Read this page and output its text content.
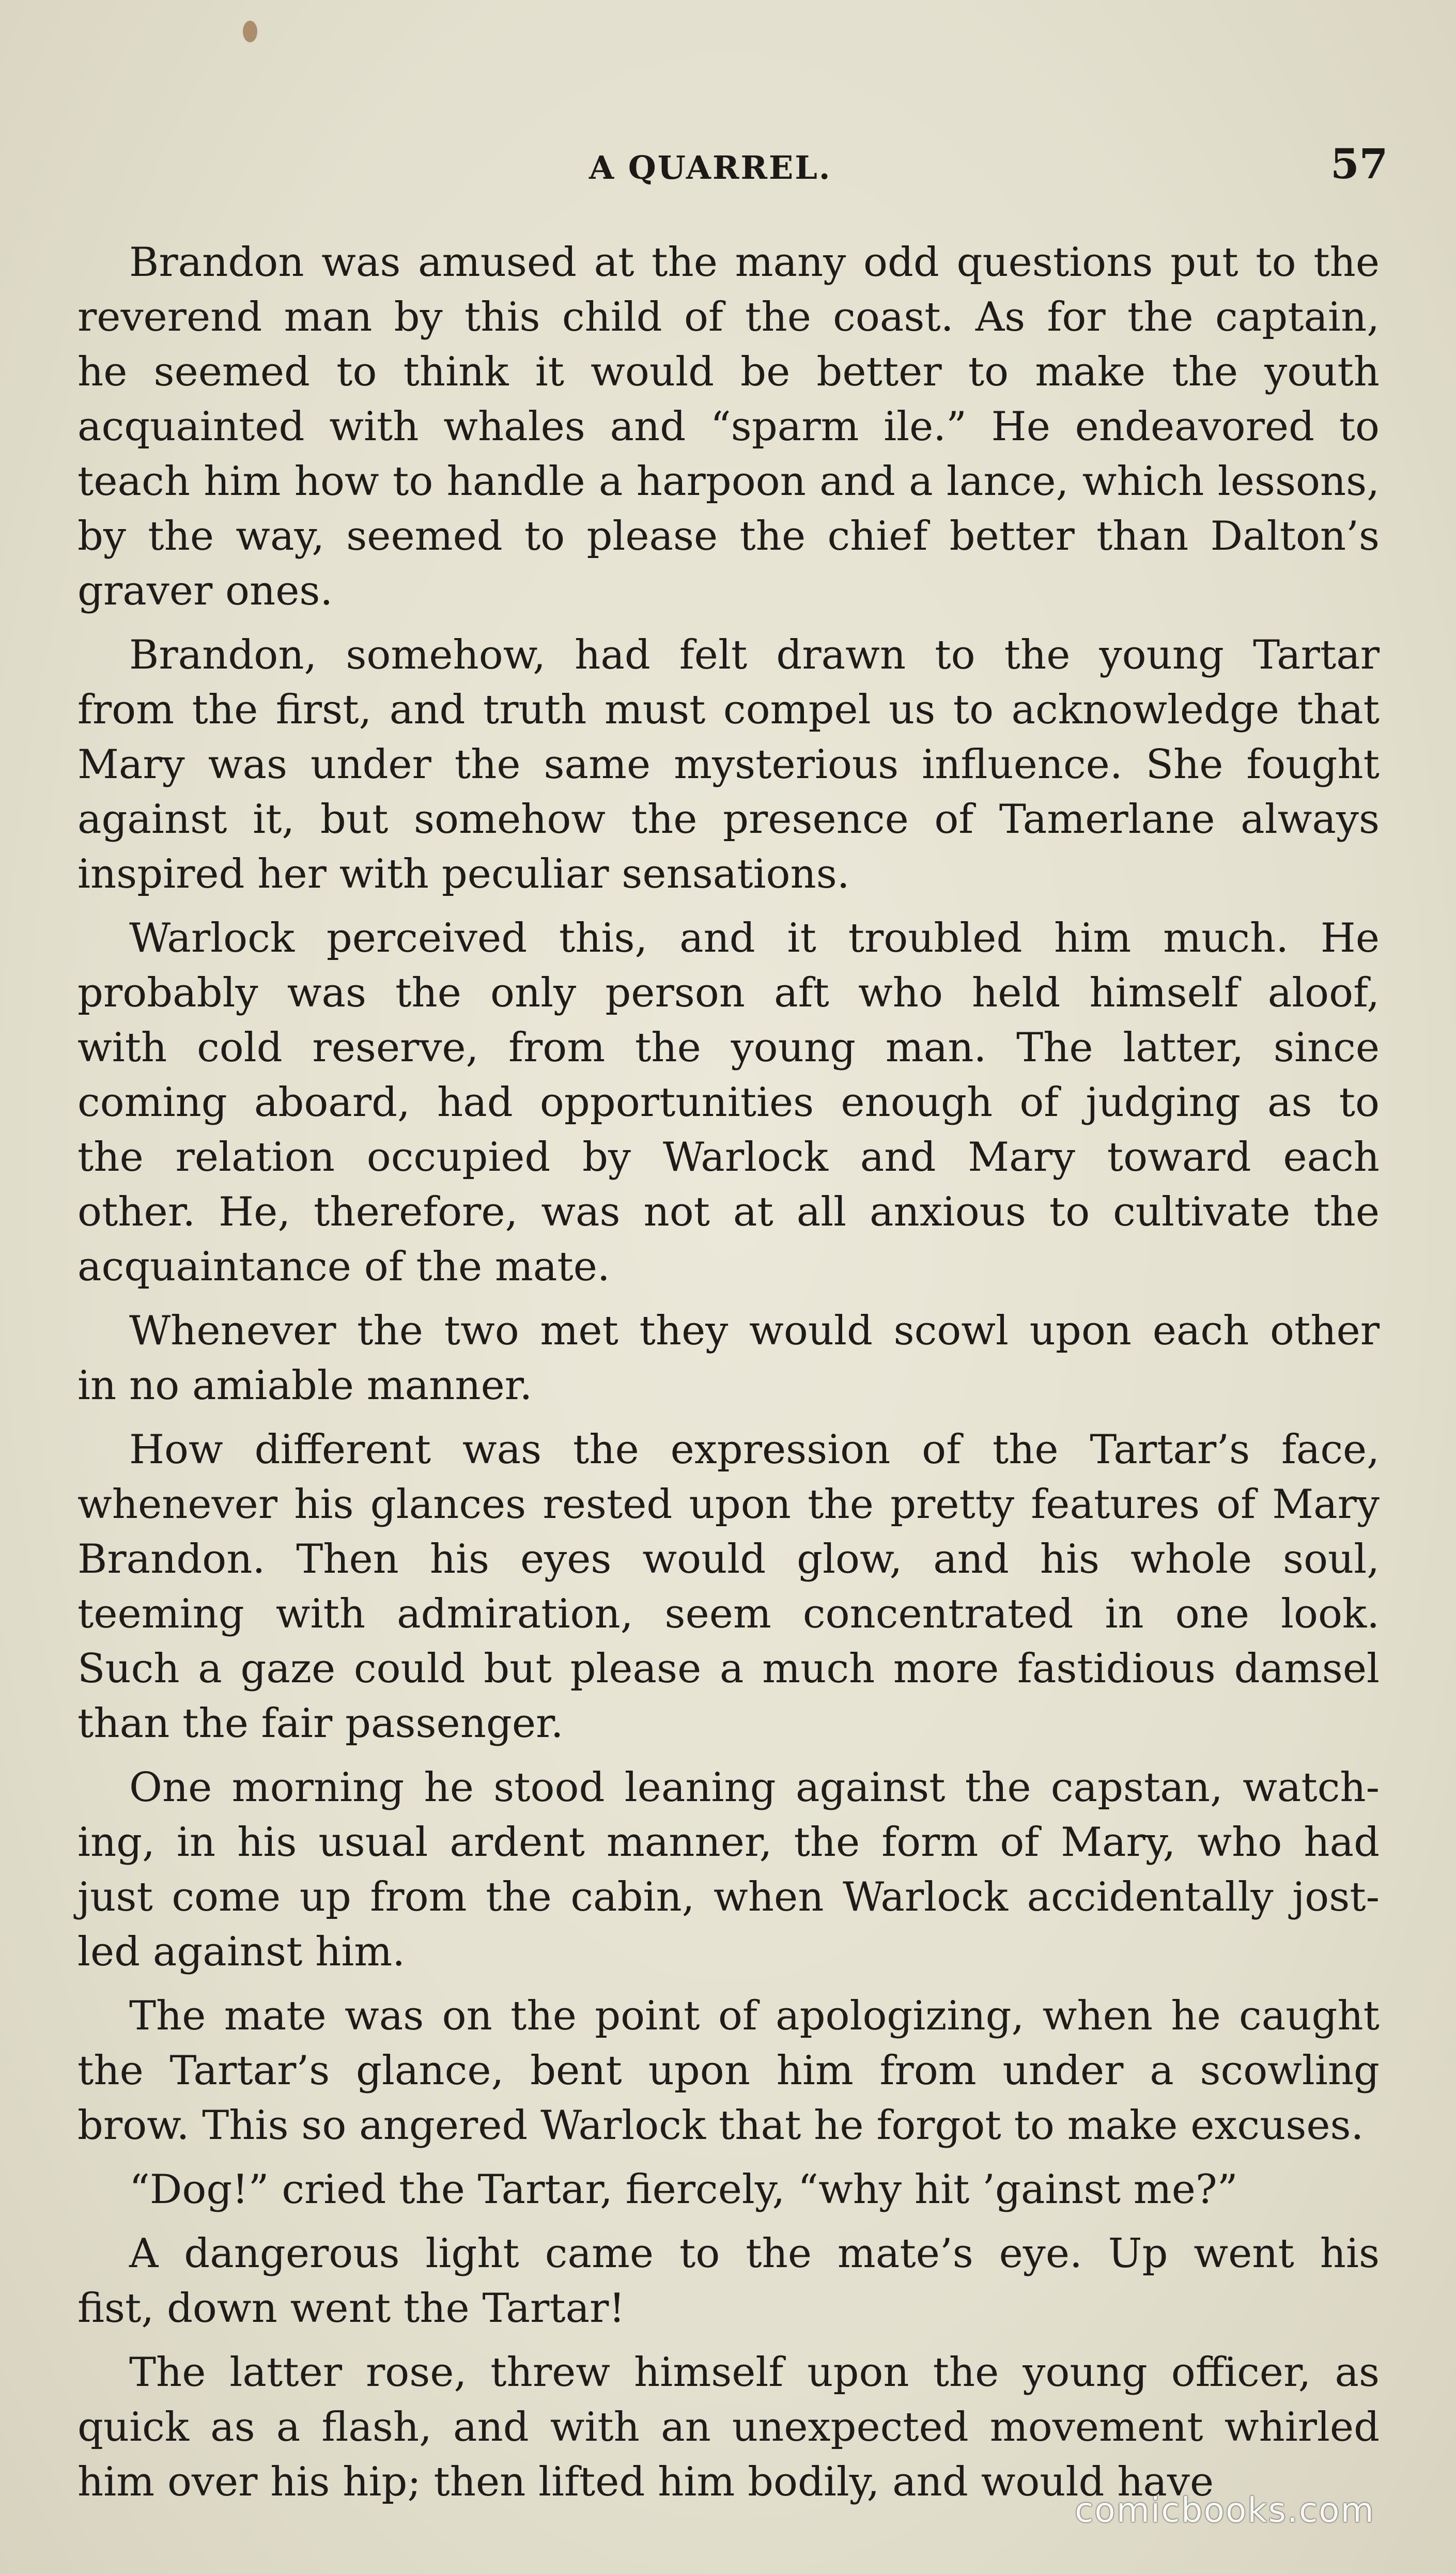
A QUARREL.	57
Brandon was amused at the many odd questions put to the
reverend man by this child of the coast. As for the captain,
he seemed to think it would be better to make the youth
acquainted with whales and “sparm ile.” He endeavored to
teach him how to handle a harpoon and a lance, which lessons,
by the way, seemed to please the chief better than Dalton’s
graver ones.
Brandon, somehow, had felt drawn to the young Tartar
from the first, and truth must compel us to acknowledge that
Mary was under the same mysterious influence. She fought
against it, but somehow the presence of Tamerlane always
inspired her with peculiar sensations.
Warlock perceived this, and it troubled him much. He
probably was the only person aft who held himself aloof,
with cold reserve, from the young man. The latter, since
coming aboard, had opportunities enough of judging as to
the relation occupied by Warlock and Mary toward each
other. He, therefore, was not at all anxious to cultivate the
acquaintance of the mate.
Whenever the two met they would scowl upon each other
in no amiable manner.
How different was the expression of the Tartar’s face,
whenever his glances rested upon the pretty features of Mary
Brandon. Then his eyes would glow, and his whole soul,
teeming with admiration, seem concentrated in one look.
Such a gaze could but please a much more fastidious damsel
than the fair passenger.
One morning he stood leaning against the capstan, watch-
ing, in his usual ardent manner, the form of Mary, who had
just come up from the cabin, when Warlock accidentally jost-
led against him.
The mate was on the point of apologizing, when he caught
the Tartar’s glance, bent upon him from under a scowling
brow. This so angered Warlock that he forgot to make excuses.
“Dog!” cried the Tartar, fiercely, “why hit ’gainst me?”
A dangerous light came to the mate’s eye. Up went his
fist, down went the Tartar!
The latter rose, threw himself upon the young officer, as
quick as a flash, and with an unexpected movement whirled
him over his hip; then lifted him bodily, and would have
comicbooks.com
